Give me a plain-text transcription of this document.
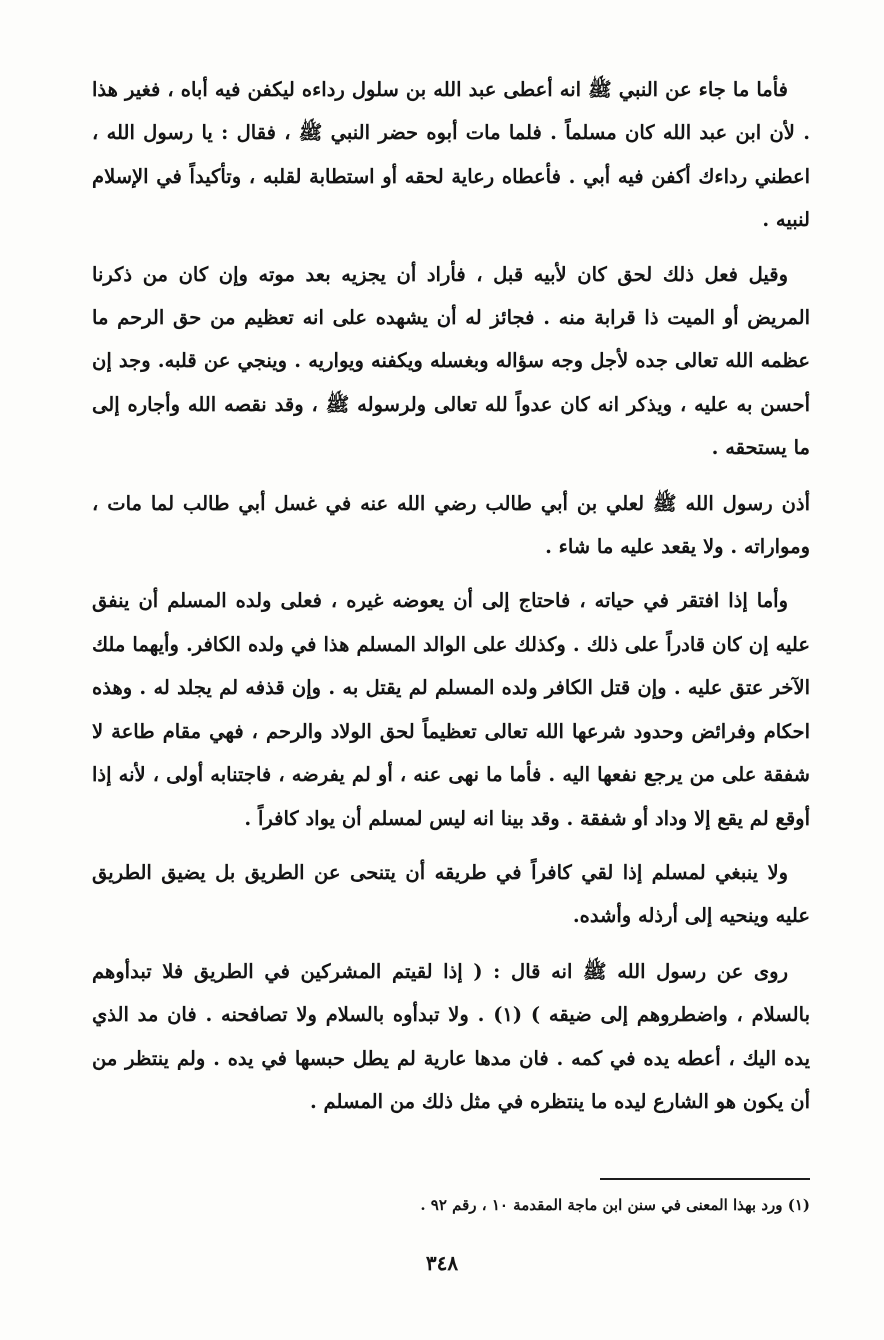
فأما ما جاء عن النبي ﷺ انه أعطى عبد الله بن سلول رداءه ليكفن فيه أباه ، فغير هذا . لأن ابن عبد الله كان مسلماً . فلما مات أبوه حضر النبي ﷺ ، فقال : يا رسول الله ، اعطني رداءك أكفن فيه أبي . فأعطاه رعاية لحقه أو استطابة لقلبه ، وتأكيداً في الإسلام لنبيه .

وقيل فعل ذلك لحق كان لأبيه قبل ، فأراد أن يجزيه بعد موته وإن كان من ذكرنا المريض أو الميت ذا قرابة منه . فجائز له أن يشهده على انه تعظيم من حق الرحم ما عظمه الله تعالى جده لأجل وجه سؤاله وبغسله ويكفنه ويواريه . وينجي عن قلبه. وجد إن أحسن به عليه ، ويذكر انه كان عدواً لله تعالى ولرسوله ﷺ ، وقد نقصه الله وأجاره إلى ما يستحقه .

أذن رسول الله ﷺ لعلي بن أبي طالب رضي الله عنه في غسل أبي طالب لما مات ، ومواراته . ولا يقعد عليه ما شاء .

وأما إذا افتقر في حياته ، فاحتاج إلى أن يعوضه غيره ، فعلى ولده المسلم أن ينفق عليه إن كان قادراً على ذلك . وكذلك على الوالد المسلم هذا في ولده الكافر. وأيهما ملك الآخر عتق عليه . وإن قتل الكافر ولده المسلم لم يقتل به . وإن قذفه لم يجلد له . وهذه احكام وفرائض وحدود شرعها الله تعالى تعظيماً لحق الولاد والرحم ، فهي مقام طاعة لا شفقة على من يرجع نفعها اليه . فأما ما نهى عنه ، أو لم يفرضه ، فاجتنابه أولى ، لأنه إذا أوقع لم يقع إلا وداد أو شفقة . وقد بينا انه ليس لمسلم أن يواد كافراً .

ولا ينبغي لمسلم إذا لقي كافراً في طريقه أن يتنحى عن الطريق بل يضيق الطريق عليه وينحيه إلى أرذله وأشده.

روى عن رسول الله ﷺ انه قال : ( إذا لقيتم المشركين في الطريق فلا تبدأوهم بالسلام ، واضطروهم إلى ضيقه ) (١) . ولا تبدأوه بالسلام ولا تصافحنه . فان مد الذي يده اليك ، أعطه يده في كمه . فان مدها عارية لم يطل حبسها في يده . ولم ينتظر من أن يكون هو الشارع ليده ما ينتظره في مثل ذلك من المسلم .

(١) ورد بهذا المعنى في سنن ابن ماجة المقدمة ١٠ ، رقم ٩٢ .
٣٤٨
